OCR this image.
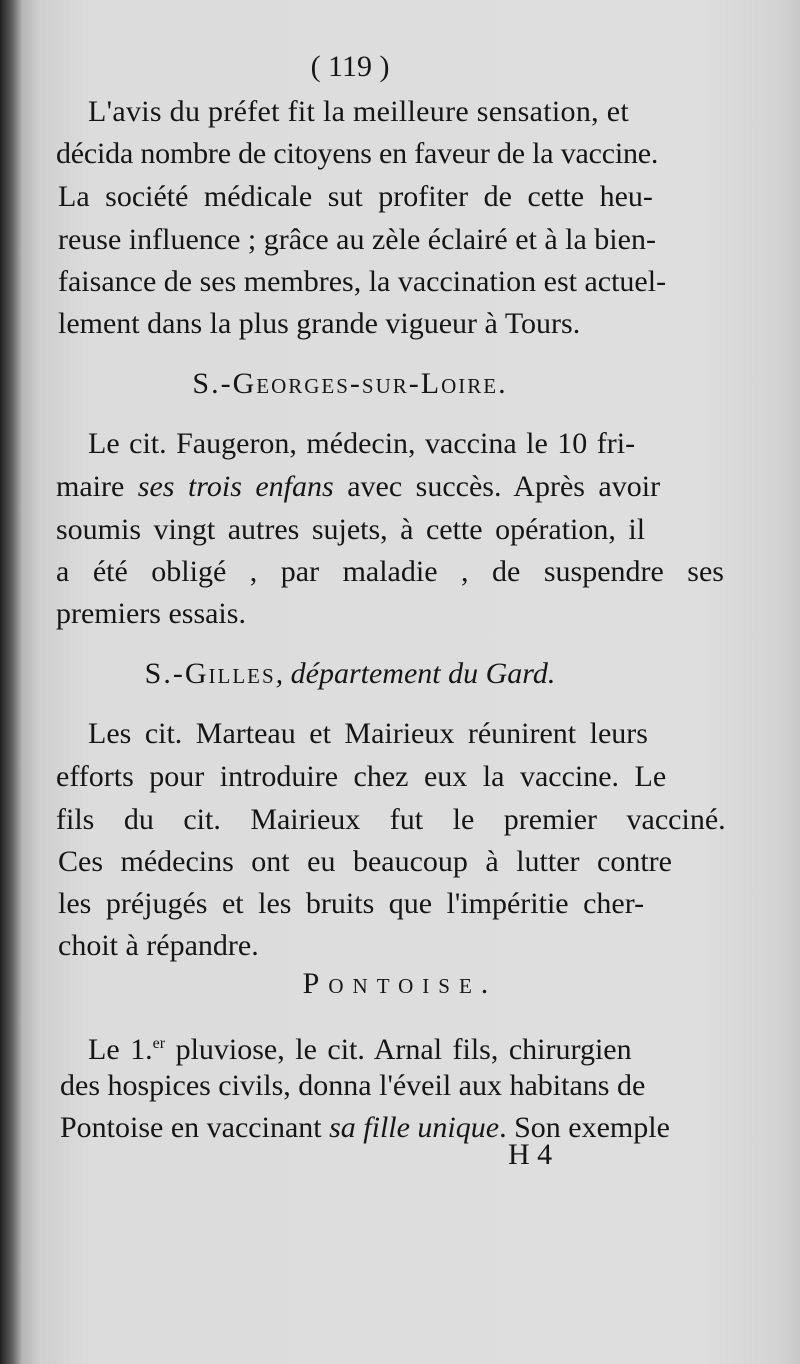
( 119 )
L'avis du préfet fit la meilleure sensation, et
décida nombre de citoyens en faveur de la vaccine.
La société médicale sut profiter de cette heu-
reuse influence ; grâce au zèle éclairé et à la bien-
faisance de ses membres, la vaccination est actuel-
lement dans la plus grande vigueur à Tours.
S.-Georges-sur-Loire.
Le cit. Faugeron, médecin, vaccina le 10 fri-
maire ses trois enfans avec succès. Après avoir
soumis vingt autres sujets, à cette opération, il
a été obligé , par maladie , de suspendre ses
premiers essais.
S.-Gilles, département du Gard.
Les cit. Marteau et Mairieux réunirent leurs
efforts pour introduire chez eux la vaccine. Le
fils du cit. Mairieux fut le premier vacciné.
Ces médecins ont eu beaucoup à lutter contre
les préjugés et les bruits que l'impéritie cher-
choit à répandre.
Pontoise.
Le 1.$^{er}$ pluviose, le cit. Arnal fils, chirurgien
des hospices civils, donna l'éveil aux habitans de
Pontoise en vaccinant sa fille unique. Son exemple
H 4
